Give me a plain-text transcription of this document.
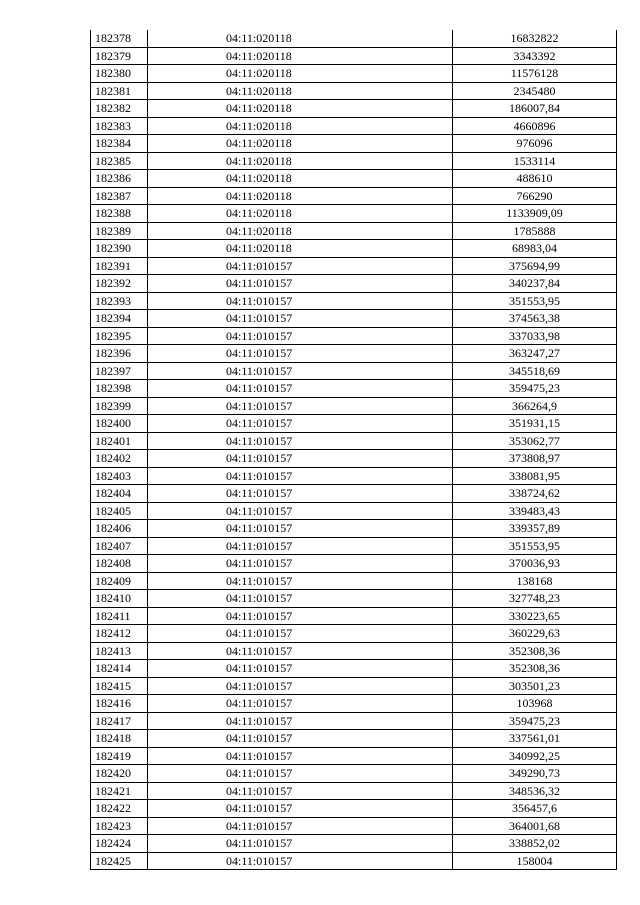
182378	04:11:020118	16832822
182379	04:11:020118	3343392
182380	04:11:020118	11576128
182381	04:11:020118	2345480
182382	04:11:020118	186007,84
182383	04:11:020118	4660896
182384	04:11:020118	976096
182385	04:11:020118	1533114
182386	04:11:020118	488610
182387	04:11:020118	766290
182388	04:11:020118	1133909,09
182389	04:11:020118	1785888
182390	04:11:020118	68983,04
182391	04:11:010157	375694,99
182392	04:11:010157	340237,84
182393	04:11:010157	351553,95
182394	04:11:010157	374563,38
182395	04:11:010157	337033,98
182396	04:11:010157	363247,27
182397	04:11:010157	345518,69
182398	04:11:010157	359475,23
182399	04:11:010157	366264,9
182400	04:11:010157	351931,15
182401	04:11:010157	353062,77
182402	04:11:010157	373808,97
182403	04:11:010157	338081,95
182404	04:11:010157	338724,62
182405	04:11:010157	339483,43
182406	04:11:010157	339357,89
182407	04:11:010157	351553,95
182408	04:11:010157	370036,93
182409	04:11:010157	138168
182410	04:11:010157	327748,23
182411	04:11:010157	330223,65
182412	04:11:010157	360229,63
182413	04:11:010157	352308,36
182414	04:11:010157	352308,36
182415	04:11:010157	303501,23
182416	04:11:010157	103968
182417	04:11:010157	359475,23
182418	04:11:010157	337561,01
182419	04:11:010157	340992,25
182420	04:11:010157	349290,73
182421	04:11:010157	348536,32
182422	04:11:010157	356457,6
182423	04:11:010157	364001,68
182424	04:11:010157	338852,02
182425	04:11:010157	158004
